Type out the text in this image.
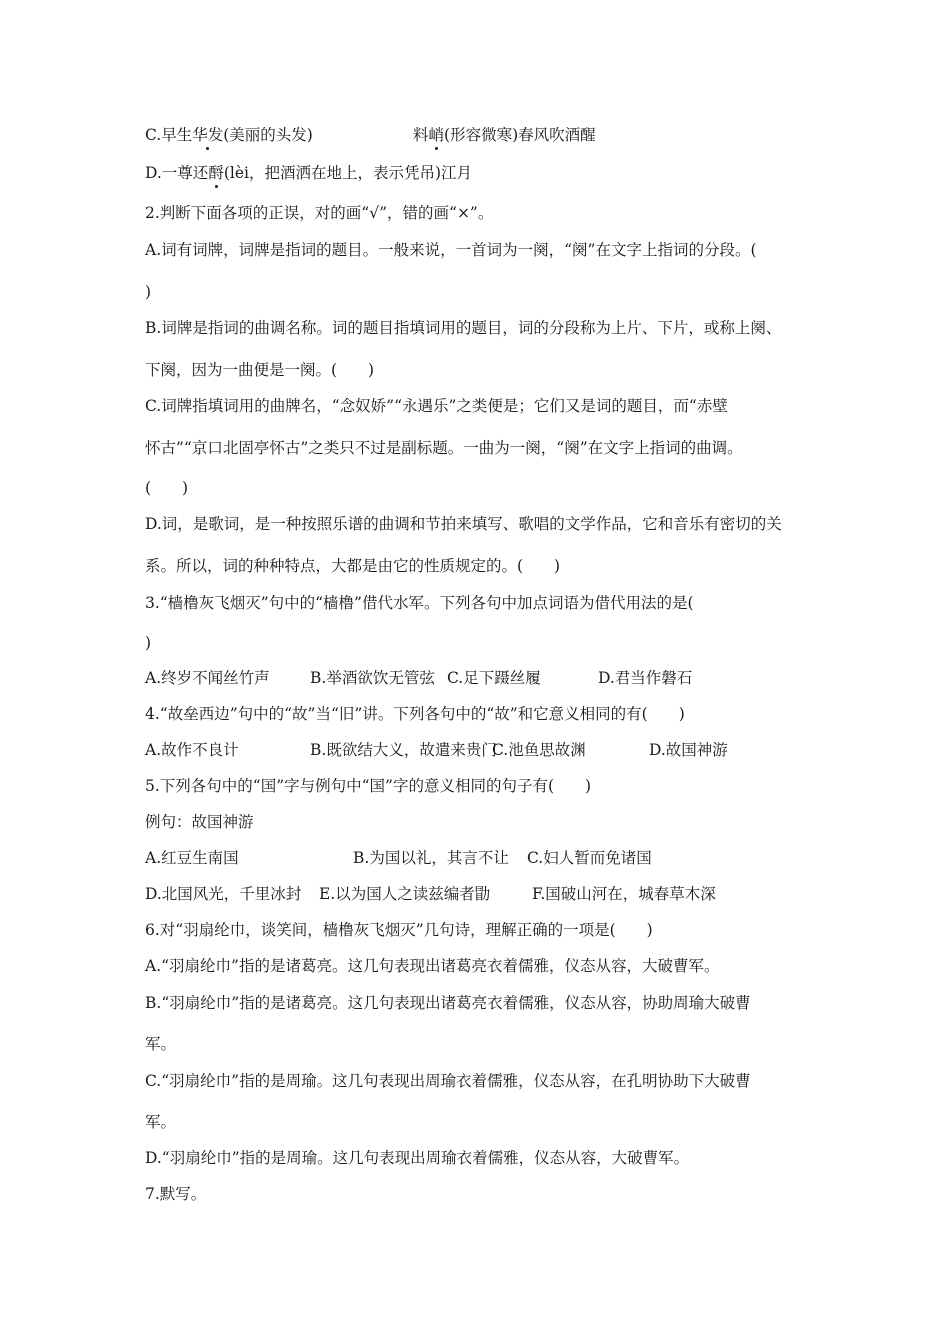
C.早生华发(美丽的头发)	料峭(形容微寒)春风吹酒醒
D.一尊还酹(lèi，把酒洒在地上，表示凭吊)江月
2.判断下面各项的正误，对的画“√”，错的画“×”。
A.词有词牌，词牌是指词的题目。一般来说，一首词为一阕，“阕”在文字上指词的分段。(
)
B.词牌是指词的曲调名称。词的题目指填词用的题目，词的分段称为上片、下片，或称上阕、
下阕，因为一曲便是一阕。(　　)
C.词牌指填词用的曲牌名，“念奴娇”“永遇乐”之类便是；它们又是词的题目，而“赤壁
怀古”“京口北固亭怀古”之类只不过是副标题。一曲为一阕，“阕”在文字上指词的曲调。
(　　)
D.词，是歌词，是一种按照乐谱的曲调和节拍来填写、歌唱的文学作品，它和音乐有密切的关
系。所以，词的种种特点，大都是由它的性质规定的。(　　)
3.“樯橹灰飞烟灭”句中的“樯橹”借代水军。下列各句中加点词语为借代用法的是(
)
A.终岁不闻丝竹声	B.举酒欲饮无管弦 C.足下蹑丝履	D.君当作磐石
4.“故垒西边”句中的“故”当“旧”讲。下列各句中的“故”和它意义相同的有(　　)
A.故作不良计	B.既欲结大义，故遣来贵门
C.池鱼思故渊	D.故国神游
5.下列各句中的“国”字与例句中“国”字的意义相同的句子有(　　)
例句：故国神游
A.红豆生南国	B.为国以礼，其言不让 C.妇人暂而免诸国
D.北国风光，千里冰封 E.以为国人之读兹编者勖	F.国破山河在，城春草木深
6.对“羽扇纶巾，谈笑间，樯橹灰飞烟灭”几句诗，理解正确的一项是(　　)
A.“羽扇纶巾”指的是诸葛亮。这几句表现出诸葛亮衣着儒雅，仪态从容，大破曹军。
B.“羽扇纶巾”指的是诸葛亮。这几句表现出诸葛亮衣着儒雅，仪态从容，协助周瑜大破曹
军。
C.“羽扇纶巾”指的是周瑜。这几句表现出周瑜衣着儒雅，仪态从容，在孔明协助下大破曹
军。
D.“羽扇纶巾”指的是周瑜。这几句表现出周瑜衣着儒雅，仪态从容，大破曹军。
7.默写。
